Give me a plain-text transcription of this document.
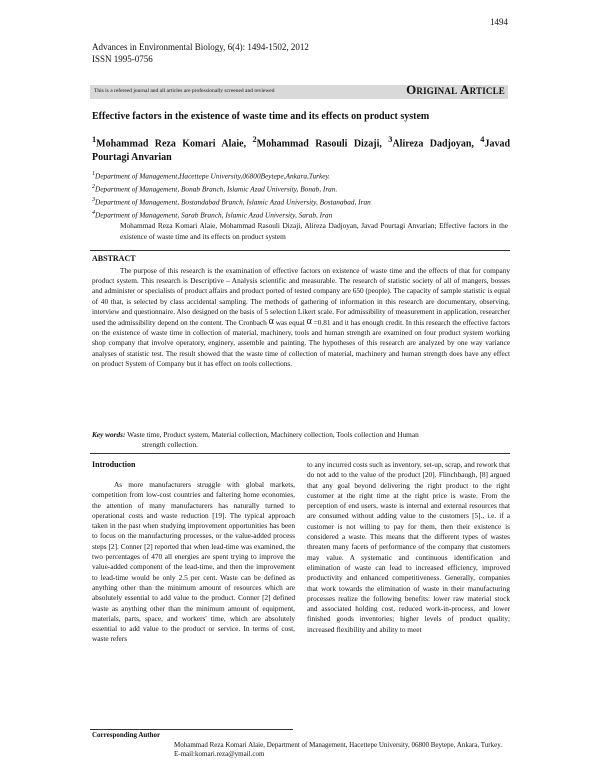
1494
Advances in Environmental Biology, 6(4): 1494-1502, 2012
ISSN 1995-0756
This is a refereed journal and all articles are professionally screened and reviewed	Original Article
Effective factors in the existence of waste time and its effects on product system
$^1$Mohammad Reza Komari Alaie, $^2$Mohammad Rasouli Dizaji, $^3$Alireza Dadjoyan, $^4$Javad Pourtagi Anvarian
$^1$Department of Management,Hacettepe University,06800Beytepe,Ankara,Turkey.
$^2$Department of Management, Bonab Branch, Islamic Azad University, Bonab, Iran.
$^3$Department of Management, Bostandabad Branch, Islamic Azad University, Bostanabad, Iran
$^4$Department of Management, Sarab Branch, Islamic Azad University, Sarab, Iran
Mohammad Reza Komari Alaie, Mohammad Rasouli Dizaji, Alireza Dadjoyan, Javad Pourtagi Anvarian; Effective factors in the existence of waste time and its effects on product system
ABSTRACT
The purpose of this research is the examination of effective factors on existence of waste time and the effects of that for company product system. This research is Descriptive – Analysis scientific and measurable. The research of statistic society of all of mangers, bosses and administer or specialists of product affairs and product ported of tested company are 650 (people). The capacity of sample statistic is equal of 40 that, is selected by class accidental sampling. The methods of gathering of information in this research are documentary, observing, interview and questionnaire. Also designed on the basis of 5 selection Likert scale. For admissibility of measurement in application, researcher used the admissibility depend on the content. The Cronbach α was equal α =0.81 and it has enough credit. In this research the effective factors on the existence of waste time in collection of material, machinery, tools and human strength are examined on four product system working shop company that involve operatory, enginery, assemble and painting. The hypotheses of this research are analyzed by one way variance analyses of statistic test. The result showed that the waste time of collection of material, machinery and human strength does have any effect on product System of Company but it has effect on tools collections.
Key words: Waste time, Product system, Material collection, Machinery collection, Tools collection and Human
strength collection.
Introduction
As more manufacturers struggle with global markets, competition from low-cost countries and faltering home economies, the attention of many manufacturers has naturally turned to operational costs and waste reduction [19]. The typical approach taken in the past when studying improvement opportunities has been to focus on the manufacturing processes, or the value-added process steps [2]. Conner [2] reported that when lead-time was examined, the two percentages of 470 all energies are spent trying to improve the value-added component of the lead-time, and then the improvement to lead-time would be only 2.5 per cent. Waste can be defined as anything other than the minimum amount of resources which are absolutely essential to add value to the product. Conner [2] defined waste as anything other than the minimum amount of equipment, materials, parts, space, and workers' time, which are absolutely essential to add value to the product or service. In terms of cost, waste refers
to any incurred costs such as inventory, set-up, scrap, and rework that do not add to the value of the product [20]. Flinchbaugh, [8] argued that any goal beyond delivering the right product to the right customer at the right time at the right price is waste. From the perception of end users, waste is internal and external resources that are consumed without adding value to the customers [5]., i.e. if a customer is not willing to pay for them, then their existence is considered a waste. This means that the different types of wastes threaten many facets of performance of the company that customers may value. A systematic and continuous identification and elimination of waste can lead to increased efficiency, improved productivity and enhanced competitiveness. Generally, companies that work towards the elimination of waste in their manufacturing processes realize the following benefits: lower raw material stock and associated holding cost, reduced work-in-process, and lower finished goods inventories; higher levels of product quality; increased flexibility and ability to meet
Corresponding Author
Mohammad Reza Komari Alaie, Department of Management, Hacettepe University, 06800 Beytepe, Ankara, Turkey.
E-mail:komari.reza@ymail.com
